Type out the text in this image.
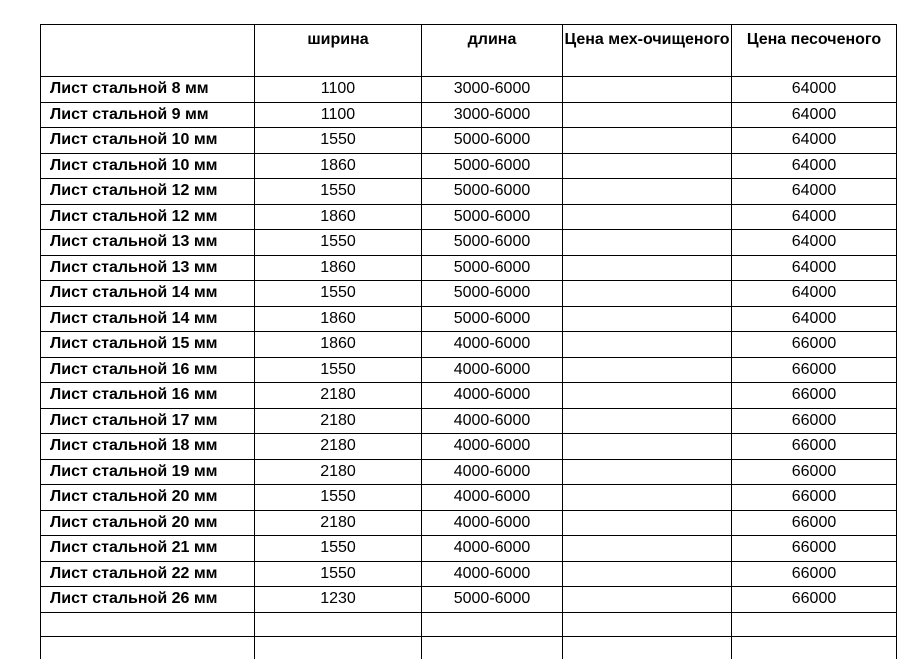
	ширина	длина	Цена мех-очищеного	Цена песоченого
Лист стальной 8 мм	1100	3000-6000		64000
Лист стальной 9 мм	1100	3000-6000		64000
Лист стальной 10 мм	1550	5000-6000		64000
Лист стальной 10 мм	1860	5000-6000		64000
Лист стальной 12 мм	1550	5000-6000		64000
Лист стальной 12 мм	1860	5000-6000		64000
Лист стальной 13 мм	1550	5000-6000		64000
Лист стальной 13 мм	1860	5000-6000		64000
Лист стальной 14 мм	1550	5000-6000		64000
Лист стальной 14 мм	1860	5000-6000		64000
Лист стальной 15 мм	1860	4000-6000		66000
Лист стальной 16 мм	1550	4000-6000		66000
Лист стальной 16 мм	2180	4000-6000		66000
Лист стальной 17 мм	2180	4000-6000		66000
Лист стальной 18 мм	2180	4000-6000		66000
Лист стальной 19 мм	2180	4000-6000		66000
Лист стальной 20 мм	1550	4000-6000		66000
Лист стальной 20 мм	2180	4000-6000		66000
Лист стальной 21 мм	1550	4000-6000		66000
Лист стальной 22 мм	1550	4000-6000		66000
Лист стальной 26 мм	1230	5000-6000		66000
